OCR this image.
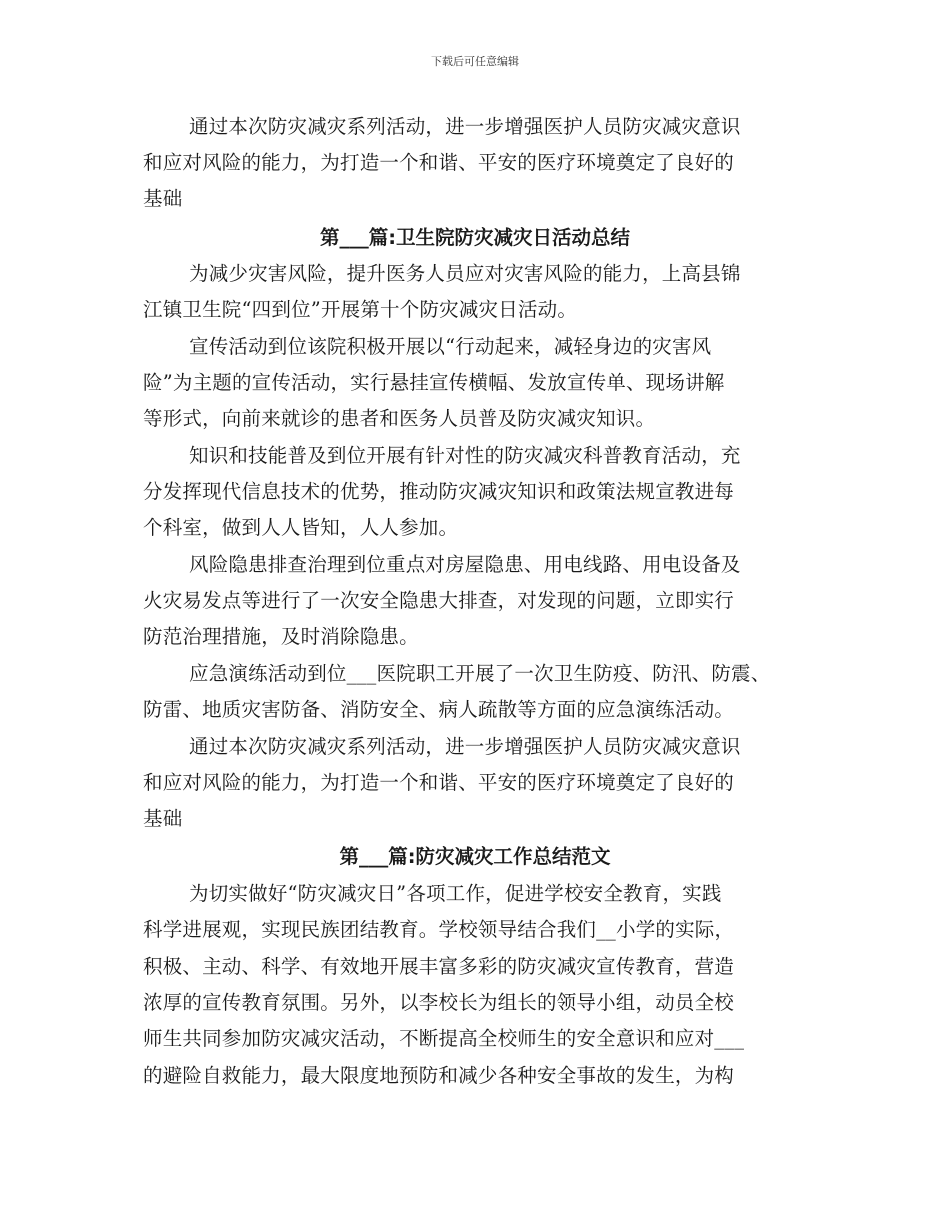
下载后可任意编辑
通过本次防灾减灾系列活动，进一步增强医护人员防灾减灾意识
和应对风险的能力，为打造一个和谐、平安的医疗环境奠定了良好的
基础
第___篇:卫生院防灾减灾日活动总结
为减少灾害风险，提升医务人员应对灾害风险的能力，上高县锦
江镇卫生院“四到位”开展第十个防灾减灾日活动。
宣传活动到位该院积极开展以“行动起来，减轻身边的灾害风
险”为主题的宣传活动，实行悬挂宣传横幅、发放宣传单、现场讲解
等形式，向前来就诊的患者和医务人员普及防灾减灾知识。
知识和技能普及到位开展有针对性的防灾减灾科普教育活动，充
分发挥现代信息技术的优势，推动防灾减灾知识和政策法规宣教进每
个科室，做到人人皆知，人人参加。
风险隐患排查治理到位重点对房屋隐患、用电线路、用电设备及
火灾易发点等进行了一次安全隐患大排查，对发现的问题，立即实行
防范治理措施，及时消除隐患。
应急演练活动到位___医院职工开展了一次卫生防疫、防汛、防震、
防雷、地质灾害防备、消防安全、病人疏散等方面的应急演练活动。
通过本次防灾减灾系列活动，进一步增强医护人员防灾减灾意识
和应对风险的能力，为打造一个和谐、平安的医疗环境奠定了良好的
基础
第___篇:防灾减灾工作总结范文
为切实做好“防灾减灾日”各项工作，促进学校安全教育，实践
科学进展观，实现民族团结教育。学校领导结合我们__小学的实际，
积极、主动、科学、有效地开展丰富多彩的防灾减灾宣传教育，营造
浓厚的宣传教育氛围。另外，以李校长为组长的领导小组，动员全校
师生共同参加防灾减灾活动，不断提高全校师生的安全意识和应对___
的避险自救能力，最大限度地预防和减少各种安全事故的发生，为构
